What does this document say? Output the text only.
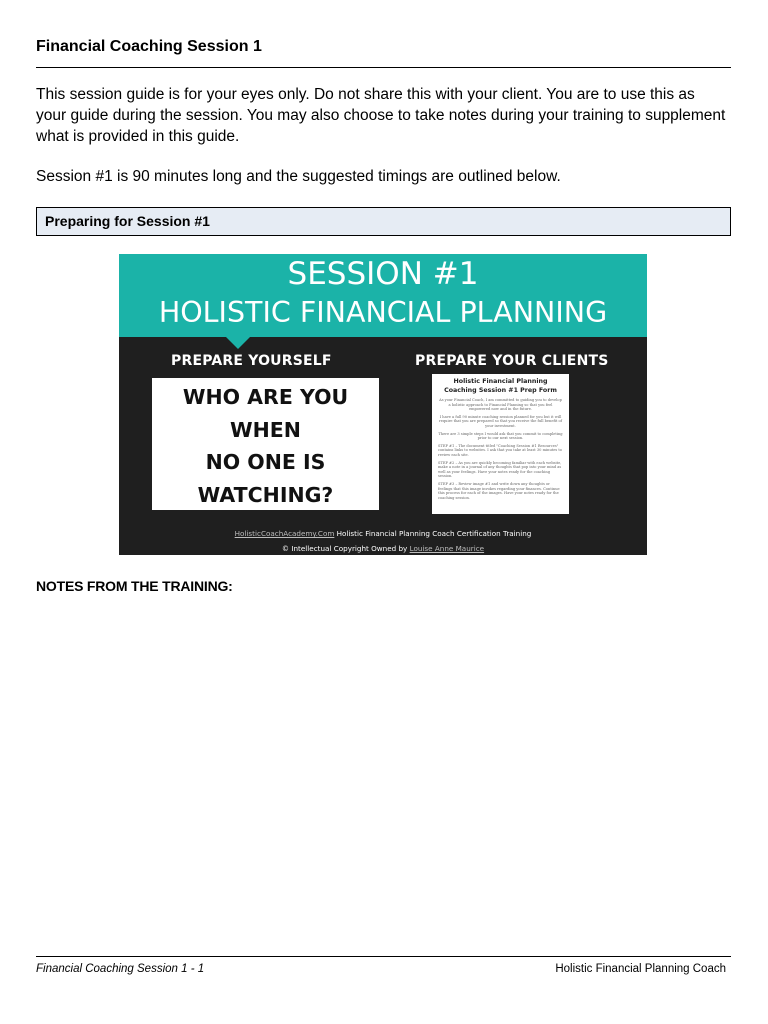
Financial Coaching Session 1

This session guide is for your eyes only. Do not share this with your client. You are to use this as your guide during the session. You may also choose to take notes during your training to supplement what is provided in this guide.

Session #1 is 90 minutes long and the suggested timings are outlined below.

Preparing for Session #1
SESSION #1
HOLISTIC FINANCIAL PLANNING
PREPARE YOURSELF	PREPARE YOUR CLIENTS
WHO ARE YOU
WHEN
NO ONE IS
WATCHING?
Holistic Financial Planning
Coaching Session #1 Prep Form
As your Financial Coach, I am committed to guiding you to develop a holistic approach to Financial Planning so that you feel empowered now and in the future.
I have a full 90 minute coaching session planned for you but it will require that you are prepared so that you receive the full benefit of your investment.
There are 3 simple steps I would ask that you commit to completing prior to our next session.
STEP #1 – The document titled "Coaching Session #1 Resources" contains links to websites. I ask that you take at least 30 minutes to review each site.
STEP #2 – As you are quickly becoming familiar with each website, make a note in a journal of any thoughts that pop into your mind as well as your feelings. Have your notes ready for the coaching session.
STEP #3 – Review image #1 and write down any thoughts or feelings that this image invokes regarding your finances. Continue this process for each of the images. Have your notes ready for the coaching session.
HolisticCoachAcademy.Com Holistic Financial Planning Coach Certification Training
© Intellectual Copyright Owned by Louise Anne Maurice
NOTES FROM THE TRAINING:
Financial Coaching Session 1 - 1	Holistic Financial Planning Coach
